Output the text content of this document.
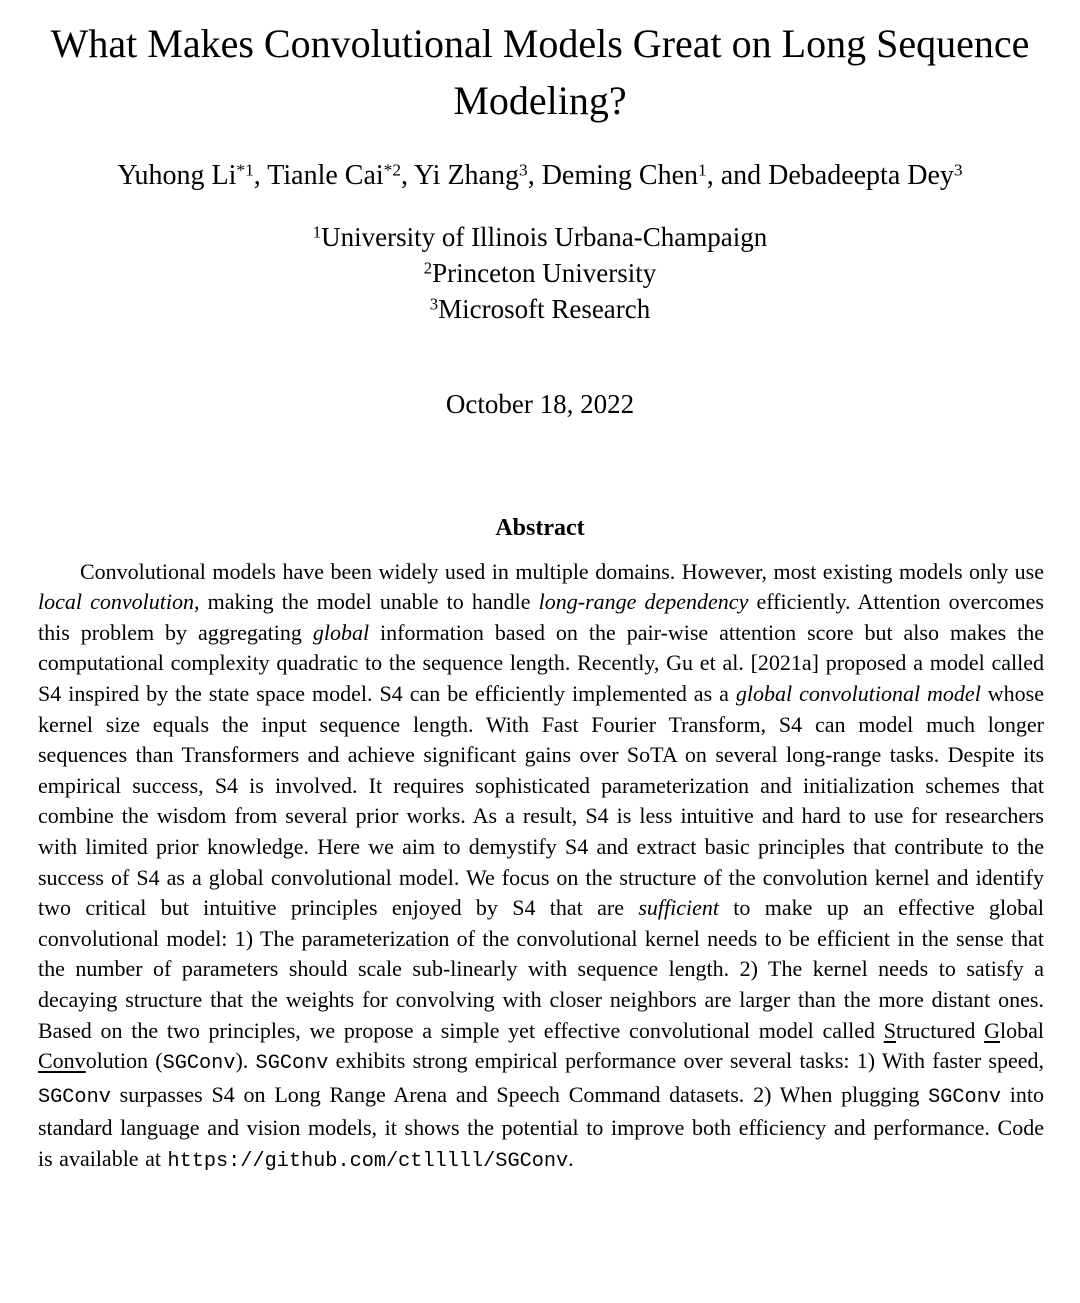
What Makes Convolutional Models Great on Long Sequence
Modeling?
Yuhong Li$^{*1}$, Tianle Cai$^{*2}$, Yi Zhang$^3$, Deming Chen$^1$, and Debadeepta Dey$^3$
$^1$University of Illinois Urbana-Champaign
$^2$Princeton University
$^3$Microsoft Research
October 18, 2022
Abstract

Convolutional models have been widely used in multiple domains. However, most existing models only use local convolution, making the model unable to handle long-range dependency efficiently. Attention overcomes this problem by aggregating global information based on the pair-wise attention score but also makes the computational complexity quadratic to the sequence length. Recently, Gu et al. [2021a] proposed a model called S4 inspired by the state space model. S4 can be efficiently implemented as a global convolutional model whose kernel size equals the input sequence length. With Fast Fourier Transform, S4 can model much longer sequences than Transformers and achieve significant gains over SoTA on several long-range tasks. Despite its empirical success, S4 is involved. It requires sophisticated parameterization and initialization schemes that combine the wisdom from several prior works. As a result, S4 is less intuitive and hard to use for researchers with limited prior knowledge. Here we aim to demystify S4 and extract basic principles that contribute to the success of S4 as a global convolutional model. We focus on the structure of the convolution kernel and identify two critical but intuitive principles enjoyed by S4 that are sufficient to make up an effective global convolutional model: 1) The parameterization of the convolutional kernel needs to be efficient in the sense that the number of parameters should scale sub-linearly with sequence length. 2) The kernel needs to satisfy a decaying structure that the weights for convolving with closer neighbors are larger than the more distant ones. Based on the two principles, we propose a simple yet effective convolutional model called Structured Global Convolution (SGConv). SGConv exhibits strong empirical performance over several tasks: 1) With faster speed, SGConv surpasses S4 on Long Range Arena and Speech Command datasets. 2) When plugging SGConv into standard language and vision models, it shows the potential to improve both efficiency and performance. Code is available at https://github.com/ctlllll/SGConv.
